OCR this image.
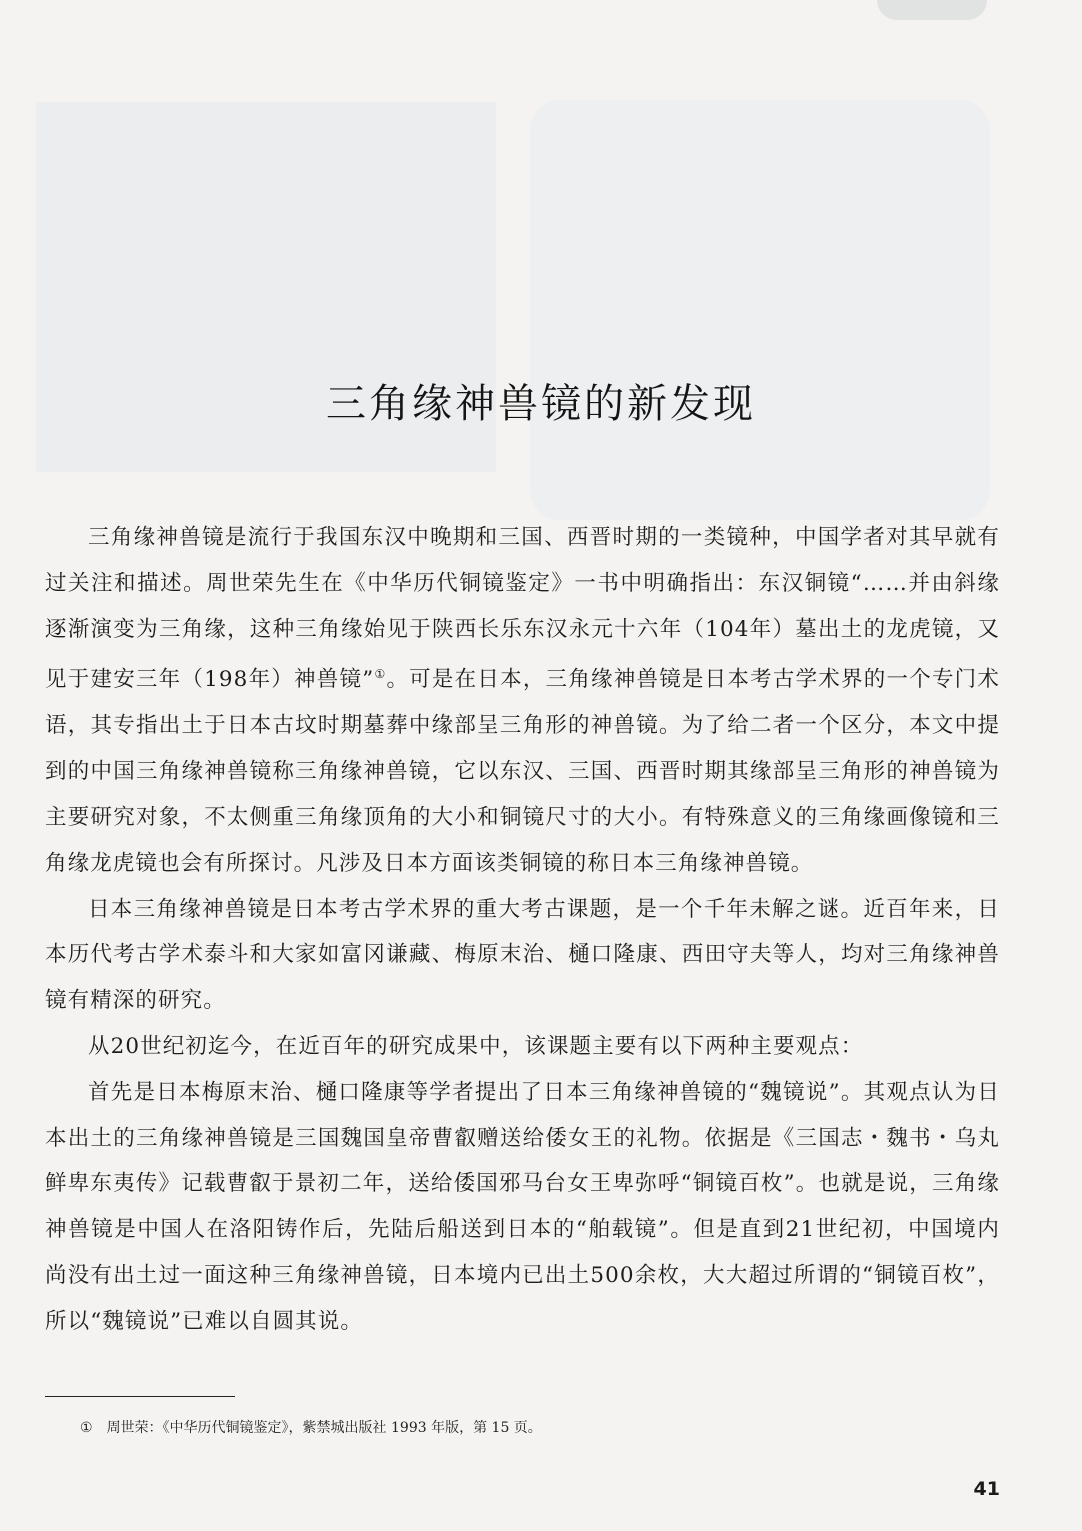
三角缘神兽镜的新发现

三角缘神兽镜是流行于我国东汉中晚期和三国、西晋时期的一类镜种，中国学者对其早就有过关注和描述。周世荣先生在《中华历代铜镜鉴定》一书中明确指出：东汉铜镜“……并由斜缘逐渐演变为三角缘，这种三角缘始见于陕西长乐东汉永元十六年（104年）墓出土的龙虎镜，又见于建安三年（198年）神兽镜”①。可是在日本，三角缘神兽镜是日本考古学术界的一个专门术语，其专指出土于日本古坟时期墓葬中缘部呈三角形的神兽镜。为了给二者一个区分，本文中提到的中国三角缘神兽镜称三角缘神兽镜，它以东汉、三国、西晋时期其缘部呈三角形的神兽镜为主要研究对象，不太侧重三角缘顶角的大小和铜镜尺寸的大小。有特殊意义的三角缘画像镜和三角缘龙虎镜也会有所探讨。凡涉及日本方面该类铜镜的称日本三角缘神兽镜。

日本三角缘神兽镜是日本考古学术界的重大考古课题，是一个千年未解之谜。近百年来，日本历代考古学术泰斗和大家如富冈谦藏、梅原末治、樋口隆康、西田守夫等人，均对三角缘神兽镜有精深的研究。

从20世纪初迄今，在近百年的研究成果中，该课题主要有以下两种主要观点：

首先是日本梅原末治、樋口隆康等学者提出了日本三角缘神兽镜的“魏镜说”。其观点认为日本出土的三角缘神兽镜是三国魏国皇帝曹叡赠送给倭女王的礼物。依据是《三国志・魏书・乌丸鲜卑东夷传》记载曹叡于景初二年，送给倭国邪马台女王卑弥呼“铜镜百枚”。也就是说，三角缘神兽镜是中国人在洛阳铸作后，先陆后船送到日本的“舶载镜”。但是直到21世纪初，中国境内尚没有出土过一面这种三角缘神兽镜，日本境内已出土500余枚，大大超过所谓的“铜镜百枚”，所以“魏镜说”已难以自圆其说。

① 周世荣：《中华历代铜镜鉴定》，紫禁城出版社 1993 年版，第 15 页。
41
